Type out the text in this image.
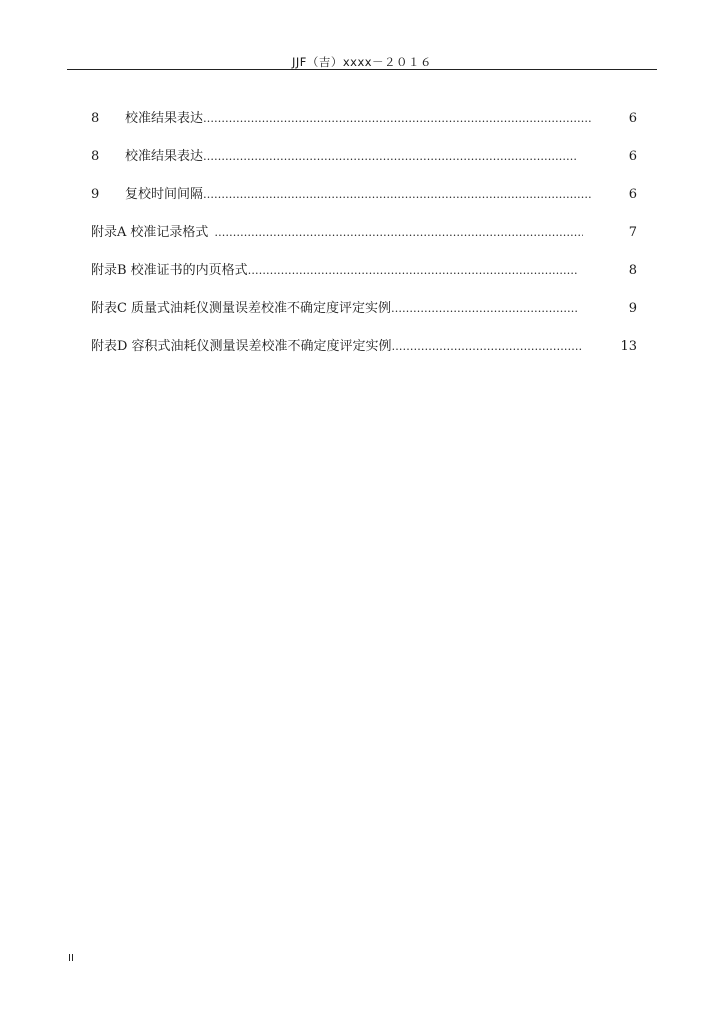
JJF（吉）xxxx－２０１６
8	校准结果表达 …………………………………………………………………………………………………………………………………………	6
8	校准结果表达 …………………………………………………………………………………………………………………………………………	6
9	复校时间间隔 …………………………………………………………………………………………………………………………………………	6
附录A 校准记录格式 …………………………………………………………………………………………………………………………………………	7
附录B 校准证书的内页格式 …………………………………………………………………………………………………………………………………………	8
附表C 质量式油耗仪测量误差校准不确定度评定实例 …………………………………………………………………………………………………………………………………………	9
附表D 容积式油耗仪测量误差校准不确定度评定实例 …………………………………………………………………………………………………………………………………………	13
II
